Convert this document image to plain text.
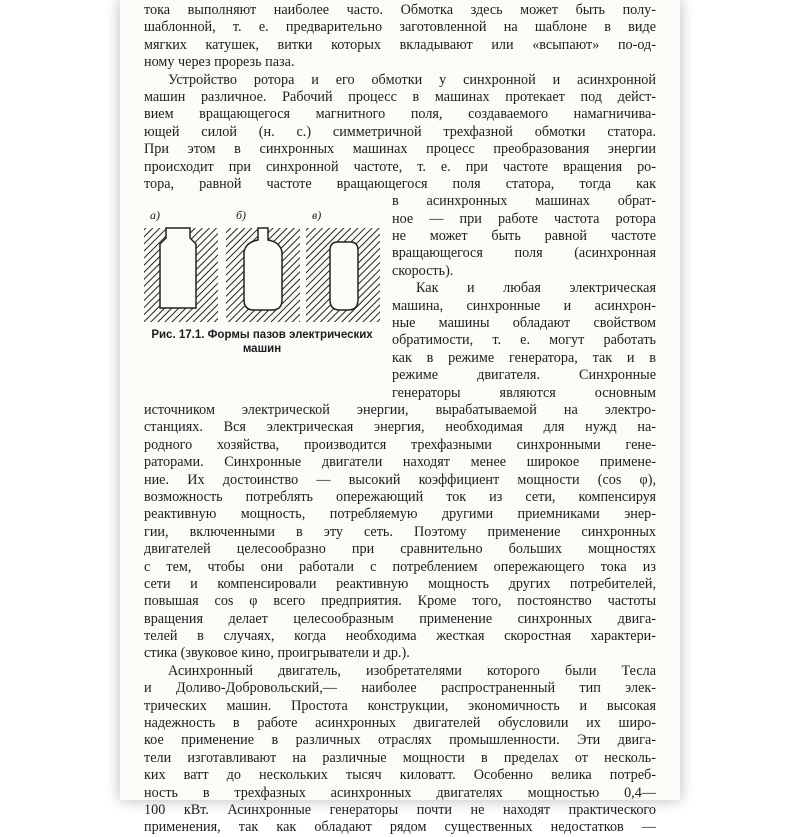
тока выполняют наиболее часто. Обмотка здесь может быть полу-
шаблонной, т. е. предварительно заготовленной на шаблоне в виде
мягких катушек, витки которых вкладывают или «всыпают» по-од-
ному через прорезь паза.
Устройство ротора и его обмотки у синхронной и асинхронной
машин различное. Рабочий процесс в машинах протекает под дейст-
вием вращающегося магнитного поля, создаваемого намагничива-
ющей силой (н. с.) симметричной трехфазной обмотки статора.
При этом в синхронных машинах процесс преобразования энергии
происходит при синхронной частоте, т. е. при частоте вращения ро-
тора, равной частоте вращающегося поля статора, тогда как
в асинхронных машинах обрат-
ное — при работе частота ротора
не может быть равной частоте
вращающегося поля (асинхронная
скорость).
Как и любая электрическая
машина, синхронные и асинхрон-
ные машины обладают свойством
обратимости, т. е. могут работать
как в режиме генератора, так и в
режиме двигателя. Синхронные
генераторы являются основным
источником электрической энергии, вырабатываемой на электро-
станциях. Вся электрическая энергия, необходимая для нужд на-
родного хозяйства, производится трехфазными синхронными гене-
раторами. Синхронные двигатели находят менее широкое примене-
ние. Их достоинство — высокий коэффициент мощности (cos φ),
возможность потреблять опережающий ток из сети, компенсируя
реактивную мощность, потребляемую другими приемниками энер-
гии, включенными в эту сеть. Поэтому применение синхронных
двигателей целесообразно при сравнительно больших мощностях
с тем, чтобы они работали с потреблением опережающего тока из
сети и компенсировали реактивную мощность других потребителей,
повышая cos φ всего предприятия. Кроме того, постоянство частоты
вращения делает целесообразным применение синхронных двига-
телей в случаях, когда необходима жесткая скоростная характери-
стика (звуковое кино, проигрыватели и др.).
Асинхронный двигатель, изобретателями которого были Тесла
и Доливо-Добровольский,— наиболее распространенный тип элек-
трических машин. Простота конструкции, экономичность и высокая
надежность в работе асинхронных двигателей обусловили их широ-
кое применение в различных отраслях промышленности. Эти двига-
тели изготавливают на различные мощности в пределах от несколь-
ких ватт до нескольких тысяч киловатт. Особенно велика потреб-
ность в трехфазных асинхронных двигателях мощностью 0,4—
100 кВт. Асинхронные генераторы почти не находят практического
применения, так как обладают рядом существенных недостатков —
а)	б)	в)
Рис. 17.1. Формы пазов электрических
машин
